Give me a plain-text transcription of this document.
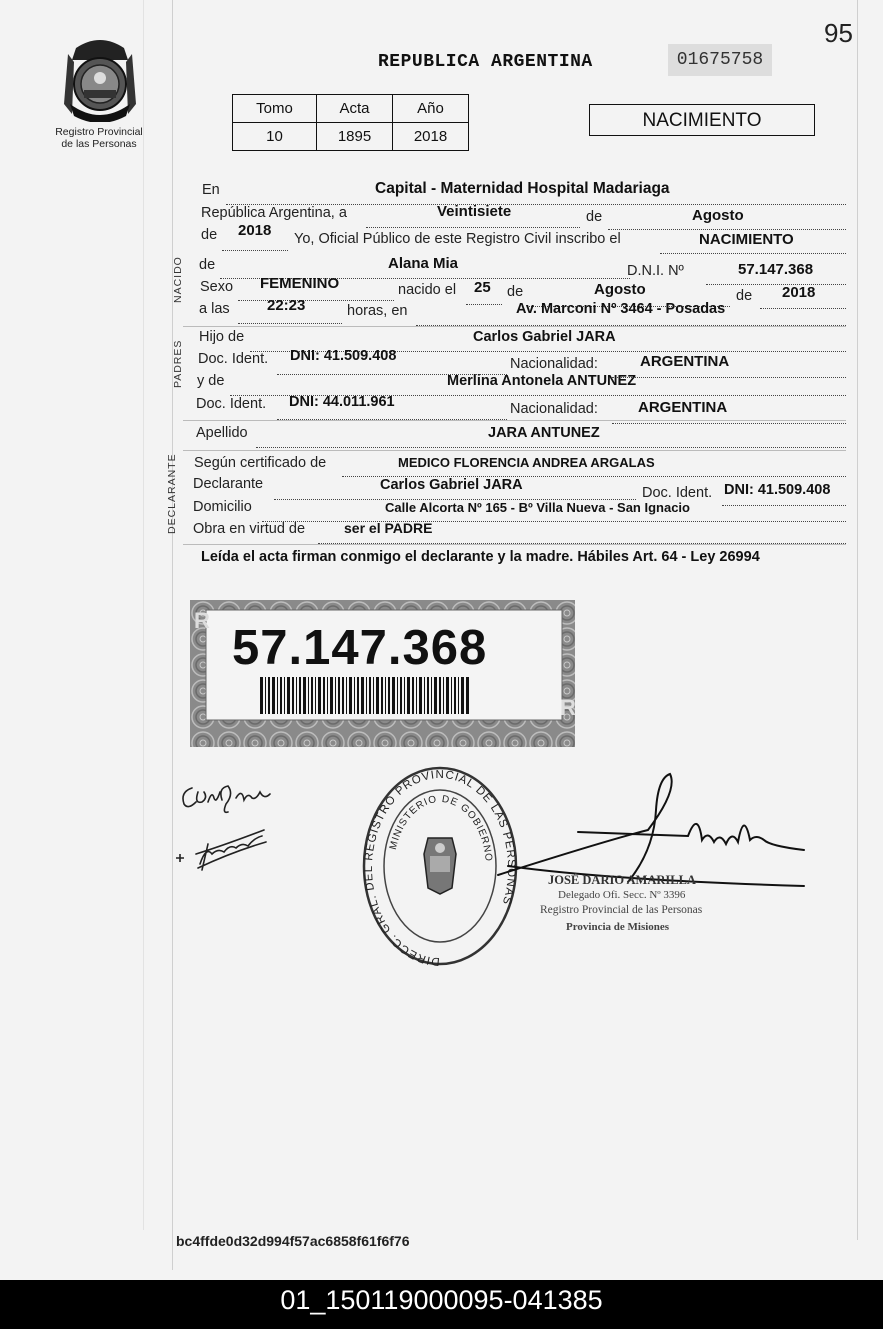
95
Registro Provincial
de las Personas
REPUBLICA ARGENTINA	01675758
Tomo	Acta	Año
10	1895	2018
NACIMIENTO
En	Capital - Maternidad Hospital Madariaga
República Argentina, a	Veintisiete	de	Agosto
de 2018 Yo, Oficial Público de este Registro Civil inscribo el	NACIMIENTO
NACIDO de	Alana Mia	D.N.I. Nº	57.147.368
Sexo FEMENINO	nacido el 25 de	Agosto	de 2018
a las 22:23	horas, en	Av. Marconi Nº 3464 - Posadas
PADRES
Hijo de	Carlos Gabriel JARA
Doc. Ident. DNI: 41.509.408	Nacionalidad:	ARGENTINA
y de	Merlina Antonela ANTUNEZ
Doc. Ident. DNI: 44.011.961	Nacionalidad:	ARGENTINA
Apellido	JARA ANTUNEZ
DECLARANTE Según certificado de	MEDICO FLORENCIA ANDREA ARGALAS
Declarante	Carlos Gabriel JARA	Doc. Ident. DNI: 41.509.408
Domicilio	Calle Alcorta Nº 165 - Bº Villa Nueva - San Ignacio
Obra en virtud de	ser el PADRE
Leída el acta firman conmigo el declarante y la madre. Hábiles Art. 64 - Ley 26994
R
R
57.147.368
DIRECC. GRAL. DEL REGISTRO PROVINCIAL DE LAS PERSONAS
MINISTERIO DE GOBIERNO
JOSÉ DARIO AMARILLA
Delegado Ofi. Secc. Nº 3396
Registro Provincial de las Personas
Provincia de Misiones
bc4ffde0d32d994f57ac6858f61f6f76
01_150119000095-041385
